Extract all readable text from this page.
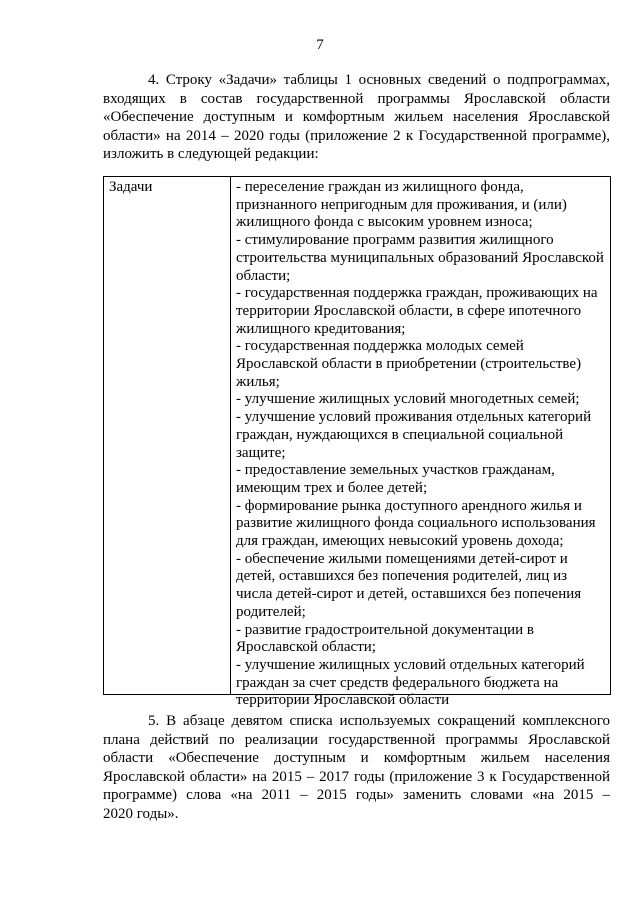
7
4. Строку «Задачи» таблицы 1 основных сведений о подпрограммах,
входящих в состав государственной программы Ярославской области
«Обеспечение доступным и комфортным жильем населения Ярославской
области» на 2014 – 2020 годы (приложение 2 к Государственной программе),
изложить в следующей редакции:
Задачи	- переселение граждан из жилищного фонда,
признанного непригодным для проживания, и (или)
жилищного фонда с высоким уровнем износа;
- стимулирование программ развития жилищного
строительства муниципальных образований Ярославской
области;
- государственная поддержка граждан, проживающих на
территории Ярославской области, в сфере ипотечного
жилищного кредитования;
- государственная поддержка молодых семей
Ярославской области в приобретении (строительстве)
жилья;
- улучшение жилищных условий многодетных семей;
- улучшение условий проживания отдельных категорий
граждан, нуждающихся в специальной социальной
защите;
- предоставление земельных участков гражданам,
имеющим трех и более детей;
- формирование рынка доступного арендного жилья и
развитие жилищного фонда социального использования
для граждан, имеющих невысокий уровень дохода;
- обеспечение жилыми помещениями детей-сирот и
детей, оставшихся без попечения родителей, лиц из
числа детей-сирот и детей, оставшихся без попечения
родителей;
- развитие градостроительной документации в
Ярославской области;
- улучшение жилищных условий отдельных категорий
граждан за счет средств федерального бюджета на
территории Ярославской области
5. В абзаце девятом списка используемых сокращений комплексного
плана действий по реализации государственной программы Ярославской
области «Обеспечение доступным и комфортным жильем населения
Ярославской области» на 2015 – 2017 годы (приложение 3 к Государственной
программе) слова «на 2011 – 2015 годы» заменить словами «на 2015 –
2020 годы».
